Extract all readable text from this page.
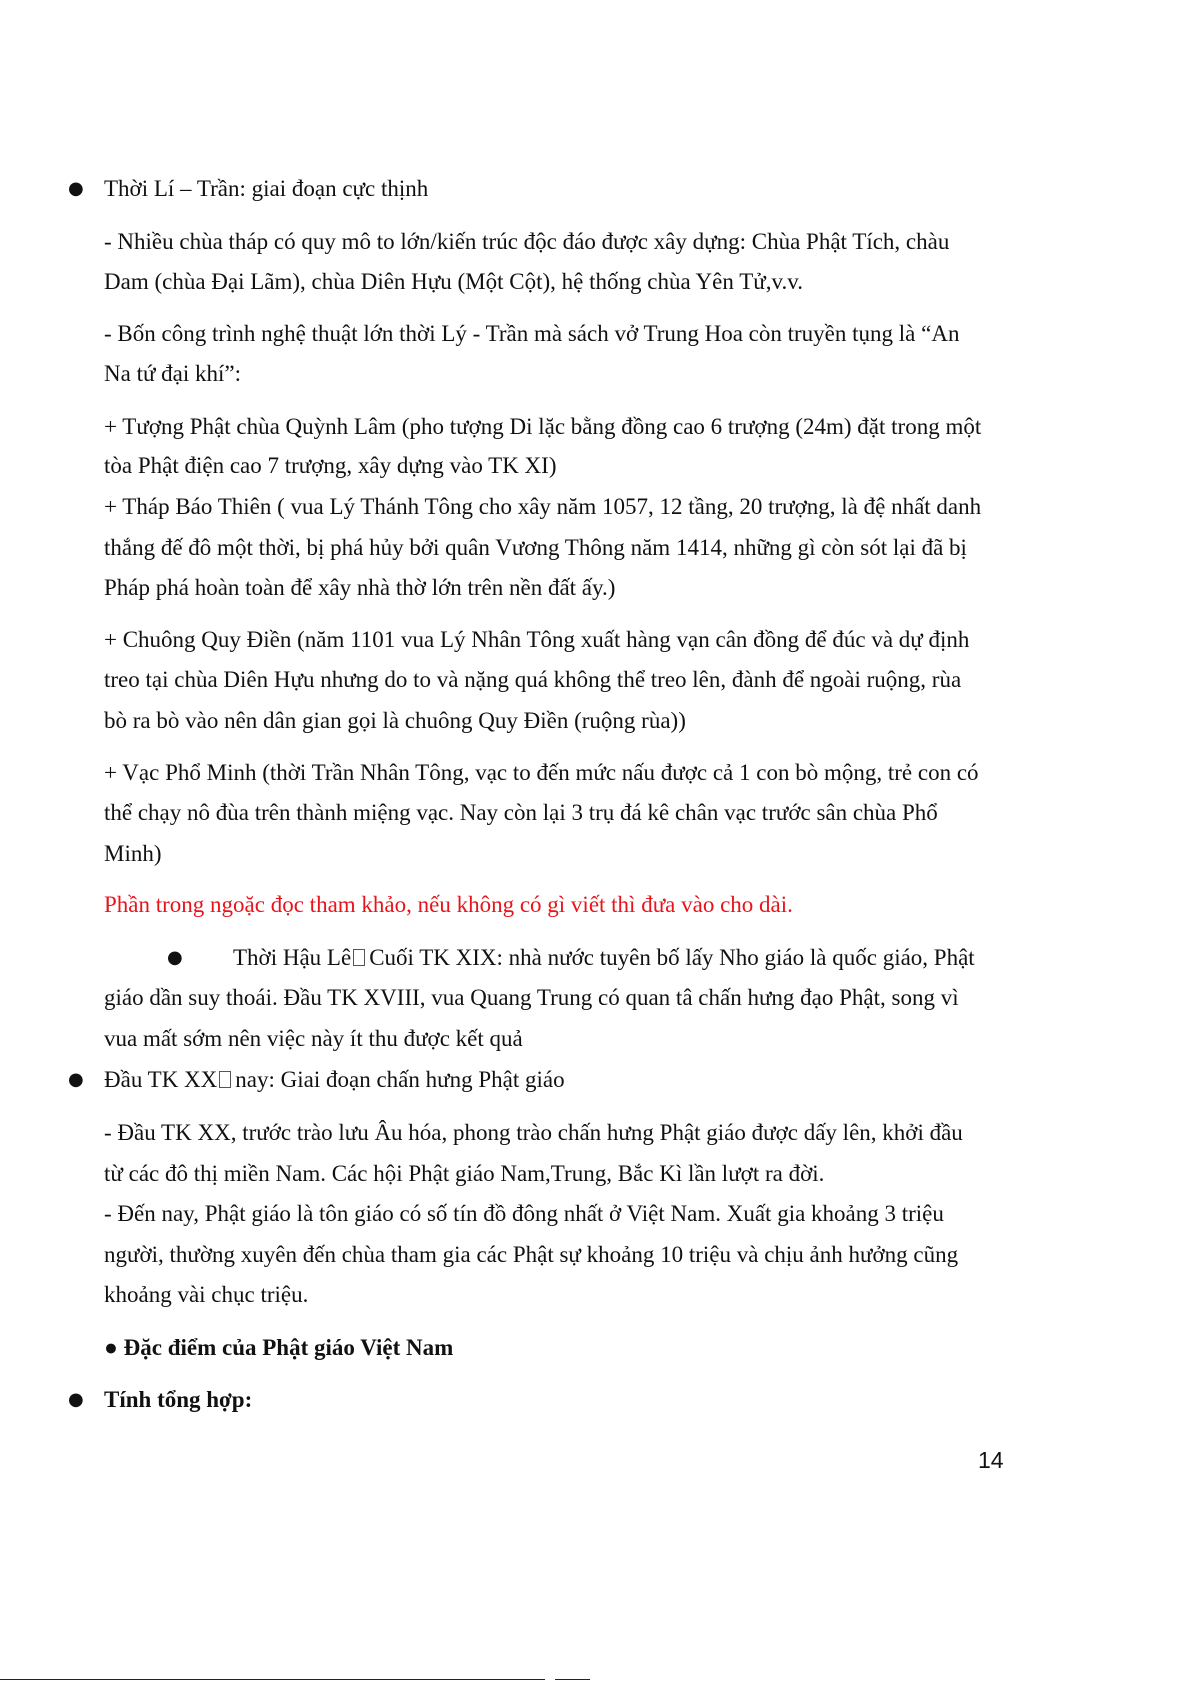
● Thời Lí – Trần: giai đoạn cực thịnh
- Nhiều chùa tháp có quy mô to lớn/kiến trúc độc đáo được xây dựng: Chùa Phật Tích, chàu
Dam (chùa Đại Lãm), chùa Diên Hựu (Một Cột), hệ thống chùa Yên Tử,v.v.
- Bốn công trình nghệ thuật lớn thời Lý - Trần mà sách vở Trung Hoa còn truyền tụng là “An
Na tứ đại khí”:
+ Tượng Phật chùa Quỳnh Lâm (pho tượng Di lặc bằng đồng cao 6 trượng (24m) đặt trong một
tòa Phật điện cao 7 trượng, xây dựng vào TK XI)
+ Tháp Báo Thiên ( vua Lý Thánh Tông cho xây năm 1057, 12 tầng, 20 trượng, là đệ nhất danh
thắng đế đô một thời, bị phá hủy bởi quân Vương Thông năm 1414, những gì còn sót lại đã bị
Pháp phá hoàn toàn để xây nhà thờ lớn trên nền đất ấy.)
+ Chuông Quy Điền (năm 1101 vua Lý Nhân Tông xuất hàng vạn cân đồng để đúc và dự định
treo tại chùa Diên Hựu nhưng do to và nặng quá không thể treo lên, đành để ngoài ruộng, rùa
bò ra bò vào nên dân gian gọi là chuông Quy Điền (ruộng rùa))
+ Vạc Phổ Minh (thời Trần Nhân Tông, vạc to đến mức nấu được cả 1 con bò mộng, trẻ con có
thể chạy nô đùa trên thành miệng vạc. Nay còn lại 3 trụ đá kê chân vạc trước sân chùa Phổ
Minh)
Phần trong ngoặc đọc tham khảo, nếu không có gì viết thì đưa vào cho dài.
● Thời Hậu Lê Cuối TK XIX: nhà nước tuyên bố lấy Nho giáo là quốc giáo, Phật
giáo dần suy thoái. Đầu TK XVIII, vua Quang Trung có quan tâ chấn hưng đạo Phật, song vì
vua mất sớm nên việc này ít thu được kết quả
● Đầu TK XX nay: Giai đoạn chấn hưng Phật giáo
- Đầu TK XX, trước trào lưu Âu hóa, phong trào chấn hưng Phật giáo được dấy lên, khởi đầu
từ các đô thị miền Nam. Các hội Phật giáo Nam,Trung, Bắc Kì lần lượt ra đời.
- Đến nay, Phật giáo là tôn giáo có số tín đồ đông nhất ở Việt Nam. Xuất gia khoảng 3 triệu
người, thường xuyên đến chùa tham gia các Phật sự khoảng 10 triệu và chịu ảnh hưởng cũng
khoảng vài chục triệu.
● Đặc điểm của Phật giáo Việt Nam
● Tính tổng hợp:
14
